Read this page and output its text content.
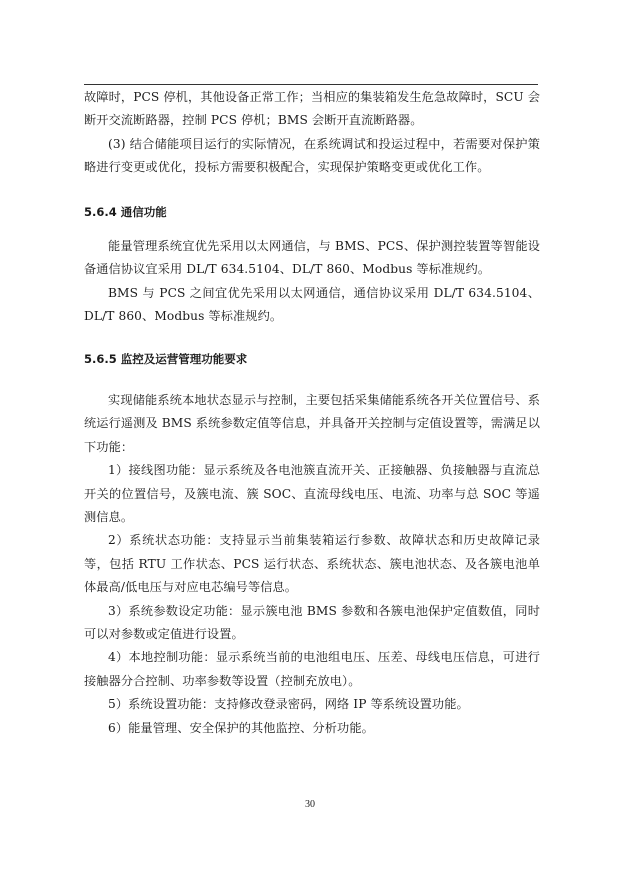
故障时，PCS 停机，其他设备正常工作；当相应的集装箱发生危急故障时，SCU 会断开交流断路器，控制 PCS 停机；BMS 会断开直流断路器。

(3) 结合储能项目运行的实际情况，在系统调试和投运过程中，若需要对保护策略进行变更或优化，投标方需要积极配合，实现保护策略变更或优化工作。

5.6.4 通信功能

能量管理系统宜优先采用以太网通信，与 BMS、PCS、保护测控装置等智能设备通信协议宜采用 DL/T 634.5104、DL/T 860、Modbus 等标准规约。

BMS 与 PCS 之间宜优先采用以太网通信，通信协议采用 DL/T 634.5104、DL/T 860、Modbus 等标准规约。

5.6.5 监控及运营管理功能要求

实现储能系统本地状态显示与控制，主要包括采集储能系统各开关位置信号、系统运行遥测及 BMS 系统参数定值等信息，并具备开关控制与定值设置等，需满足以下功能：

1）接线图功能：显示系统及各电池簇直流开关、正接触器、负接触器与直流总开关的位置信号，及簇电流、簇 SOC、直流母线电压、电流、功率与总 SOC 等遥测信息。

2）系统状态功能：支持显示当前集装箱运行参数、故障状态和历史故障记录等，包括 RTU 工作状态、PCS 运行状态、系统状态、簇电池状态、及各簇电池单体最高/低电压与对应电芯编号等信息。

3）系统参数设定功能：显示簇电池 BMS 参数和各簇电池保护定值数值，同时可以对参数或定值进行设置。

4）本地控制功能：显示系统当前的电池组电压、压差、母线电压信息，可进行接触器分合控制、功率参数等设置（控制充放电）。

5）系统设置功能：支持修改登录密码，网络 IP 等系统设置功能。

6）能量管理、安全保护的其他监控、分析功能。

30
